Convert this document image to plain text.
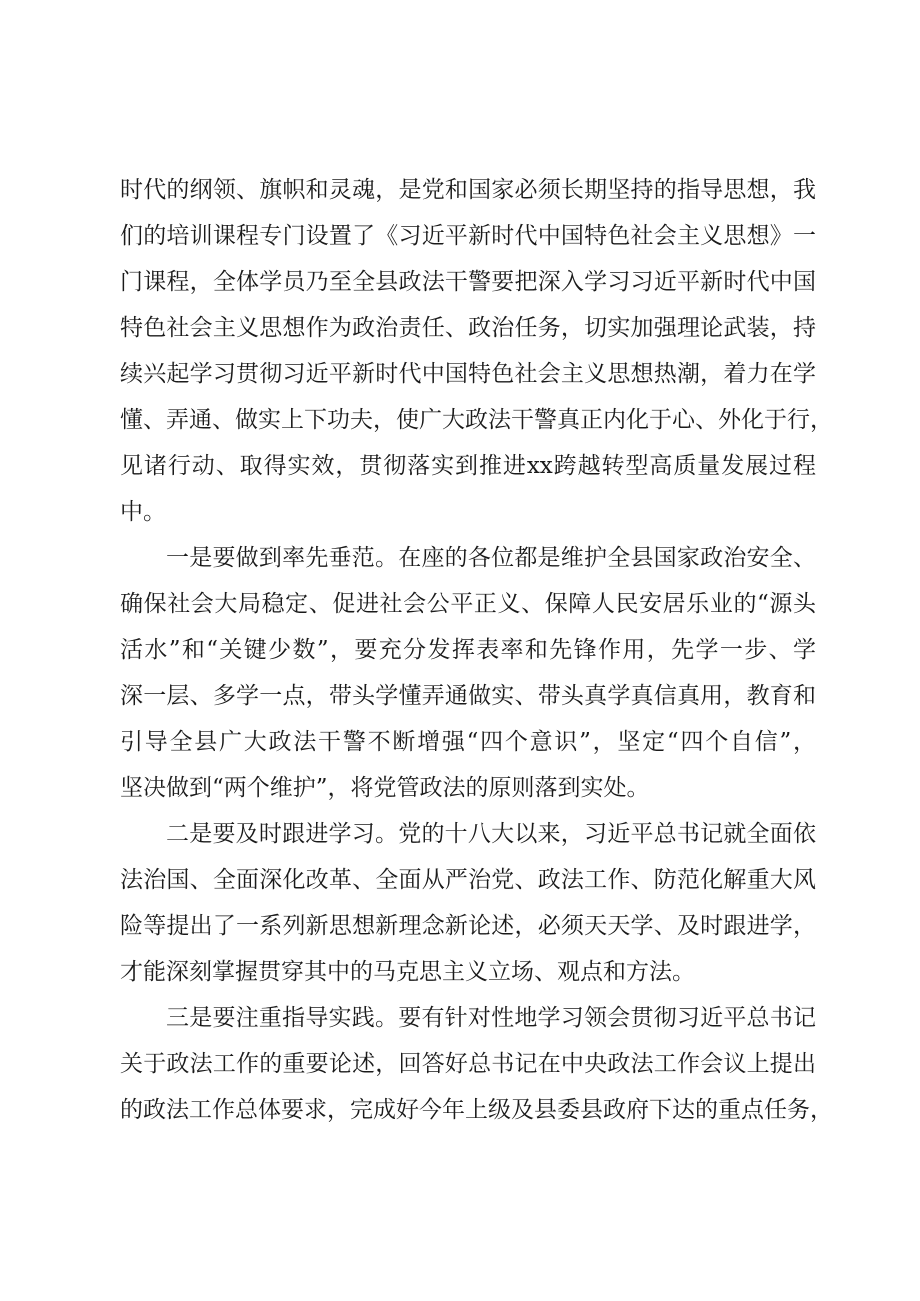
时代的纲领、旗帜和灵魂，是党和国家必须长期坚持的指导思想，我
们的培训课程专门设置了《习近平新时代中国特色社会主义思想》一
门课程，全体学员乃至全县政法干警要把深入学习习近平新时代中国
特色社会主义思想作为政治责任、政治任务，切实加强理论武装，持
续兴起学习贯彻习近平新时代中国特色社会主义思想热潮，着力在学
懂、弄通、做实上下功夫，使广大政法干警真正内化于心、外化于行，
见诸行动、取得实效，贯彻落实到推进xx跨越转型高质量发展过程
中。
一是要做到率先垂范。在座的各位都是维护全县国家政治安全、
确保社会大局稳定、促进社会公平正义、保障人民安居乐业的“源头
活水”和“关键少数”，要充分发挥表率和先锋作用，先学一步、学
深一层、多学一点，带头学懂弄通做实、带头真学真信真用，教育和
引导全县广大政法干警不断增强“四个意识”，坚定“四个自信”，
坚决做到“两个维护”，将党管政法的原则落到实处。
二是要及时跟进学习。党的十八大以来，习近平总书记就全面依
法治国、全面深化改革、全面从严治党、政法工作、防范化解重大风
险等提出了一系列新思想新理念新论述，必须天天学、及时跟进学，
才能深刻掌握贯穿其中的马克思主义立场、观点和方法。
三是要注重指导实践。要有针对性地学习领会贯彻习近平总书记
关于政法工作的重要论述，回答好总书记在中央政法工作会议上提出
的政法工作总体要求，完成好今年上级及县委县政府下达的重点任务，
